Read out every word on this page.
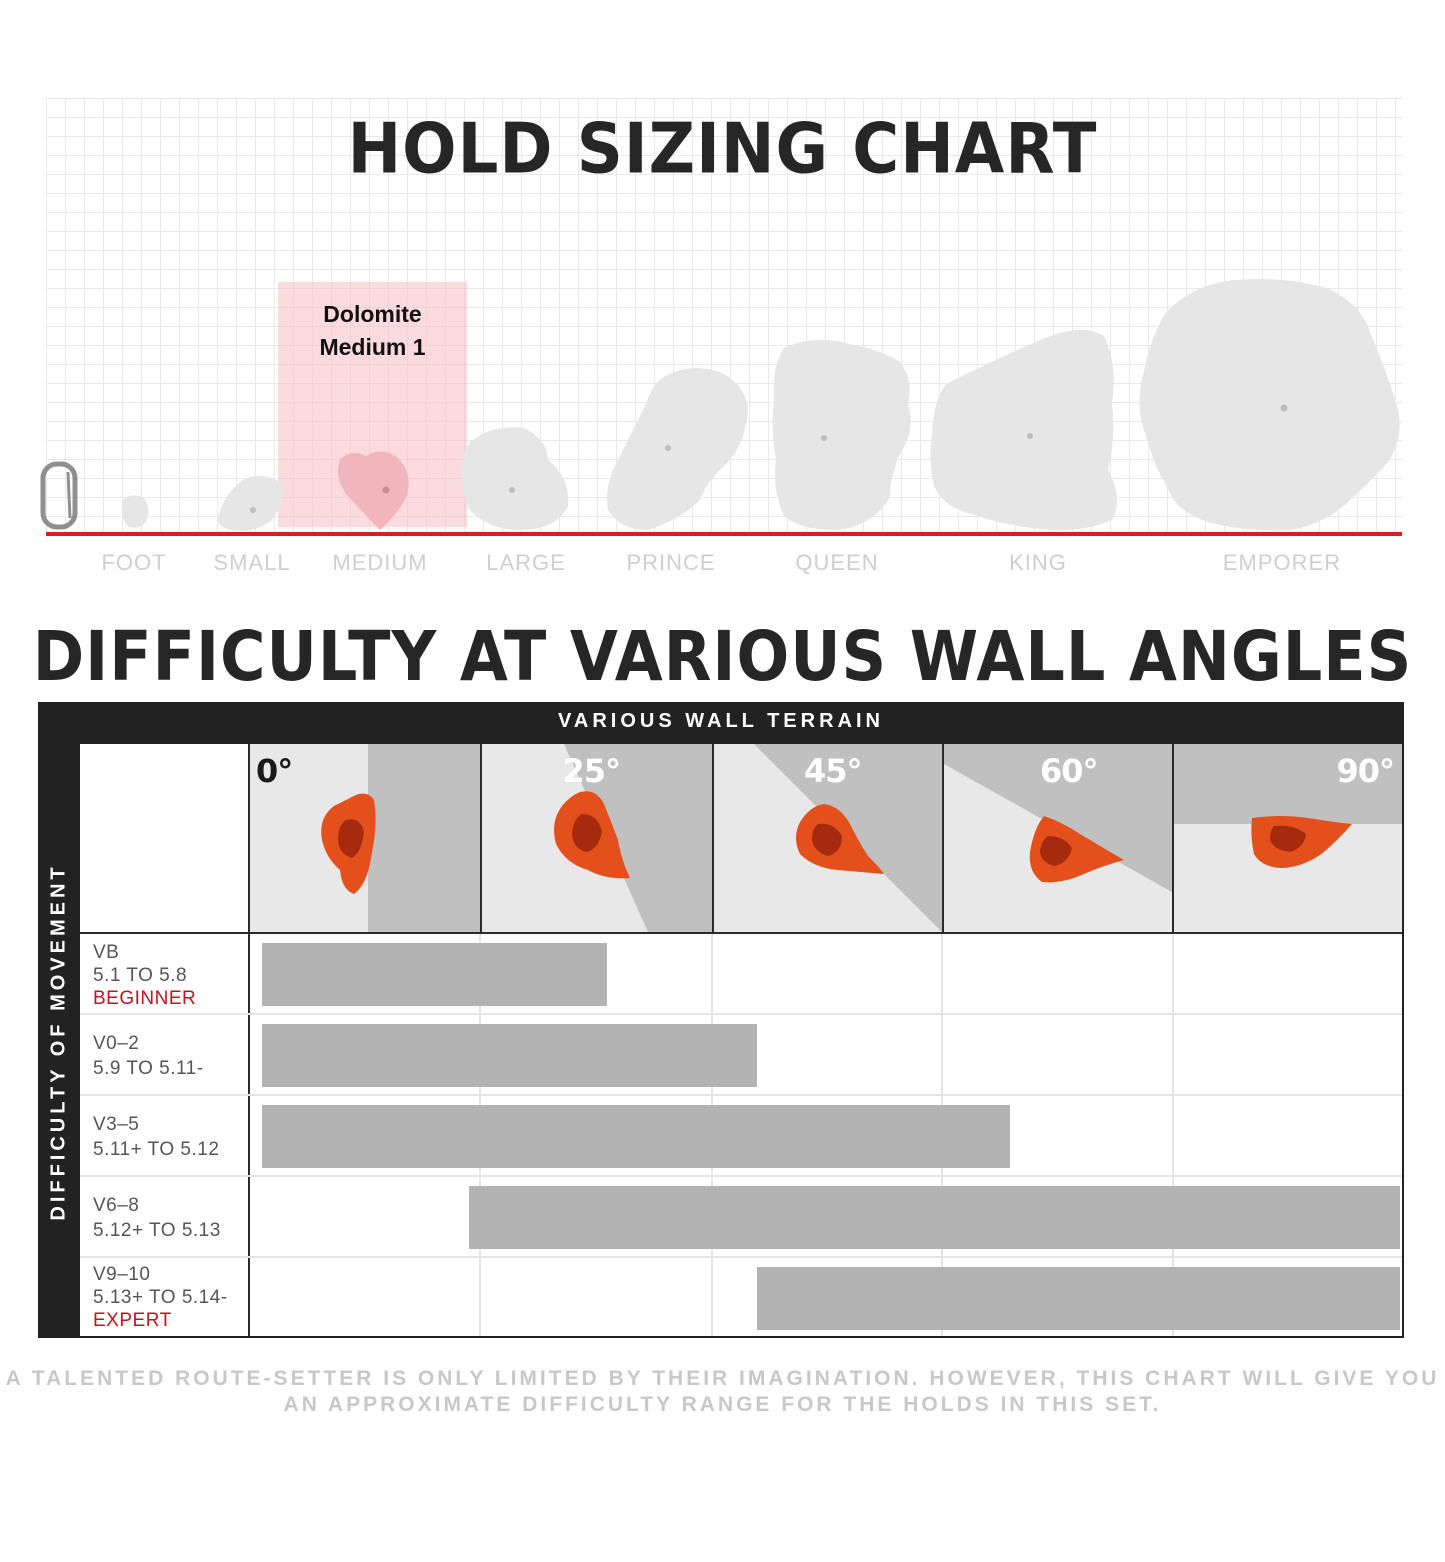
HOLD SIZING CHART
Dolomite
Medium 1
FOOT SMALL MEDIUM	LARGE	PRINCE	QUEEN	KING	EMPORER
DIFFICULTY AT VARIOUS WALL ANGLES
VARIOUS WALL TERRAIN
DIFFICULTY OF MOVEMENT
0°	25°	45°	60°	90°
VB
5.1 TO 5.8
BEGINNER
V0–2
5.9 TO 5.11-
V3–5
5.11+ TO 5.12
V6–8
5.12+ TO 5.13
V9–10
5.13+ TO 5.14-
EXPERT
A TALENTED ROUTE-SETTER IS ONLY LIMITED BY THEIR IMAGINATION. HOWEVER, THIS CHART WILL GIVE YOU AN APPROXIMATE DIFFICULTY RANGE FOR THE HOLDS IN THIS SET.
